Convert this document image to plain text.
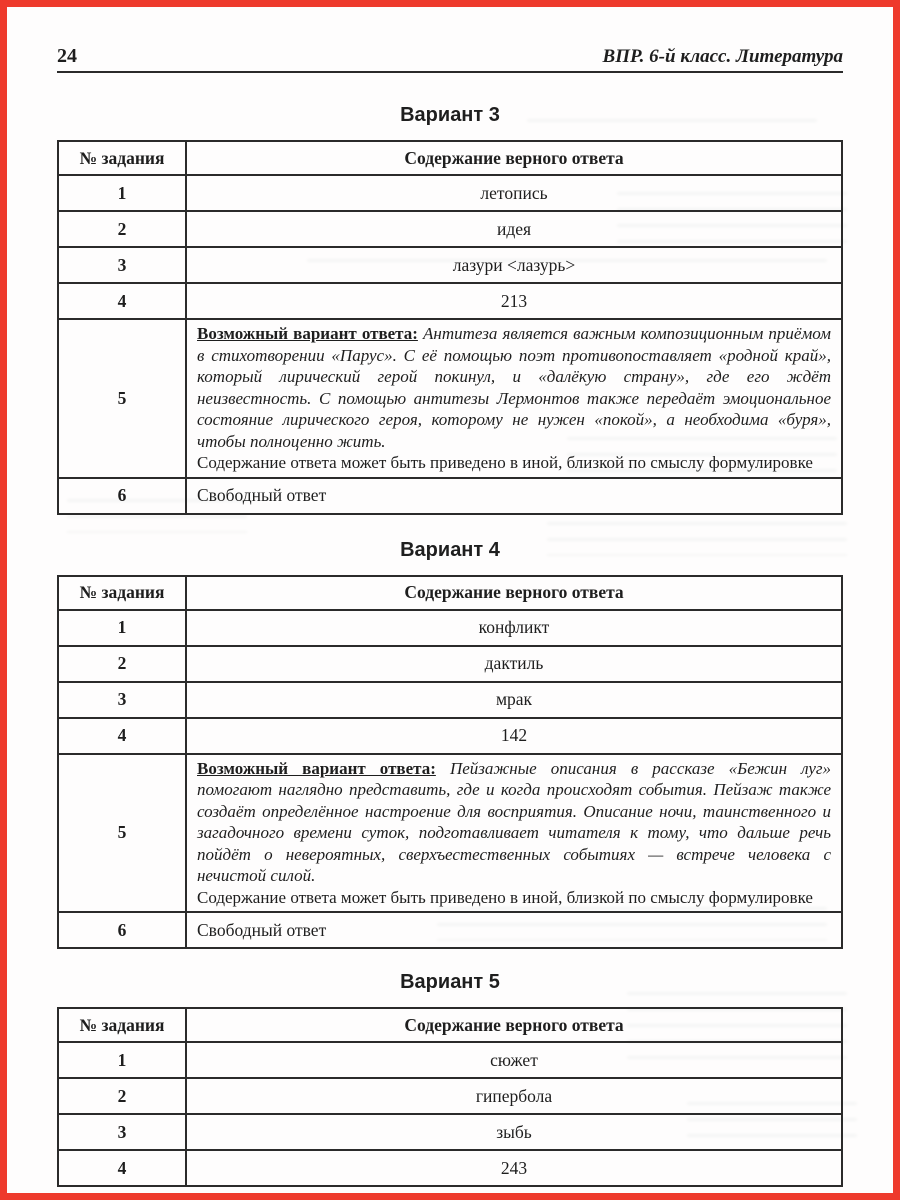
24	ВПР. 6-й класс. Литература
Вариант 3
№ задания	Содержание верного ответа
1	летопись
2	идея
3	лазури <лазурь>
4	213
5	Возможный вариант ответа: Антитеза является важным композиционным приёмом в стихотворении «Парус». С её помощью поэт противопоставляет «родной край», который лирический герой покинул, и «далёкую страну», где его ждёт неизвестность. С помощью антитезы Лермонтов также передаёт эмоциональное состояние лирического героя, которому не нужен «покой», а необходима «буря», чтобы полноценно жить.

Содержание ответа может быть приведено в иной, близкой по смыслу формулировке

6	Свободный ответ
Вариант 4
№ задания	Содержание верного ответа
1	конфликт
2	дактиль
3	мрак
4	142
5	Возможный вариант ответа: Пейзажные описания в рассказе «Бежин луг» помогают наглядно представить, где и когда происходят события. Пейзаж также создаёт определённое настроение для восприятия. Описание ночи, таинственного и загадочного времени суток, подготавливает читателя к тому, что дальше речь пойдёт о невероятных, сверхъестественных событиях — встрече человека с нечистой силой.

Содержание ответа может быть приведено в иной, близкой по смыслу формулировке

6	Свободный ответ
Вариант 5
№ задания	Содержание верного ответа
1	сюжет
2	гипербола
3	зыбь
4	243
